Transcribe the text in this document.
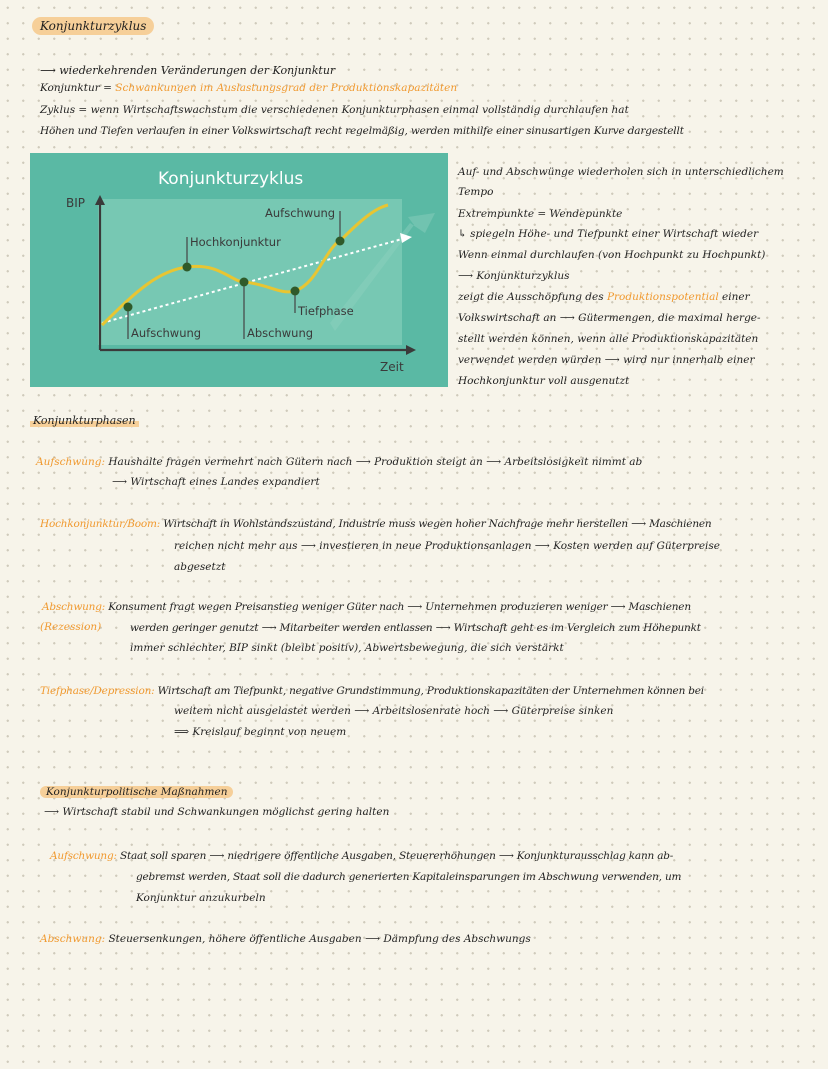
Konjunkturzyklus
⟶ wiederkehrenden Veränderungen der Konjunktur
Konjunktur = Schwankungen im Auslastungsgrad der Produktionskapazitäten
Zyklus = wenn Wirtschaftswachstum die verschiedenen Konjunkturphasen einmal vollständig durchlaufen hat
Höhen und Tiefen verlaufen in einer Volkswirtschaft recht regelmäßig, werden mithilfe einer sinusartigen Kurve dargestellt
Konjunkturzyklus
BIP
Zeit
Aufschwung
Hochkonjunktur
Tiefphase
Aufschwung	Abschwung
Auf- und Abschwünge wiederholen sich in unterschiedlichem
Tempo
Extrempunkte = Wendepunkte
↳ spiegeln Höhe- und Tiefpunkt einer Wirtschaft wieder
Wenn einmal durchlaufen (von Hochpunkt zu Hochpunkt)
⟶ Konjunkturzyklus
zeigt die Ausschöpfung des Produktionspotential einer
Volkswirtschaft an ⟶ Gütermengen, die maximal herge-
stellt werden können, wenn alle Produktionskapazitäten
verwendet werden würden ⟶ wird nur innerhalb einer
Hochkonjunktur voll ausgenutzt
Konjunkturphasen
Aufschwung: Haushalte fragen vermehrt nach Gütern nach ⟶ Produktion steigt an ⟶ Arbeitslosigkeit nimmt ab
⟶ Wirtschaft eines Landes expandiert
Hochkonjunktur/Boom: Wirtschaft in Wohlstandszustand, Industrie muss wegen hoher Nachfrage mehr herstellen ⟶ Maschienen
reichen nicht mehr aus ⟶ investieren in neue Produktionsanlagen ⟶ Kosten werden auf Güterpreise
abgesetzt
Abschwung: Konsument fragt wegen Preisanstieg weniger Güter nach ⟶ Unternehmen produzieren weniger ⟶ Maschienen
(Rezession)	werden geringer genutzt ⟶ Mitarbeiter werden entlassen ⟶ Wirtschaft geht es im Vergleich zum Höhepunkt
immer schlechter, BIP sinkt (bleibt positiv), Abwertsbewegung, die sich verstärkt
Tiefphase/Depression: Wirtschaft am Tiefpunkt, negative Grundstimmung, Produktionskapazitäten der Unternehmen können bei
weitem nicht ausgelastet werden ⟶ Arbeitslosenrate hoch ⟶ Güterpreise sinken
⟹ Kreislauf beginnt von neuem
Konjunkturpolitische Maßnahmen
⟶ Wirtschaft stabil und Schwankungen möglichst gering halten
Aufschwung: Staat soll sparen ⟶ niedrigere öffentliche Ausgaben, Steuererhöhungen ⟶ Konjunkturausschlag kann ab-
gebremst werden, Staat soll die dadurch generierten Kapitaleinsparungen im Abschwung verwenden, um
Konjunktur anzukurbeln
Abschwung: Steuersenkungen, höhere öffentliche Ausgaben ⟶ Dämpfung des Abschwungs
